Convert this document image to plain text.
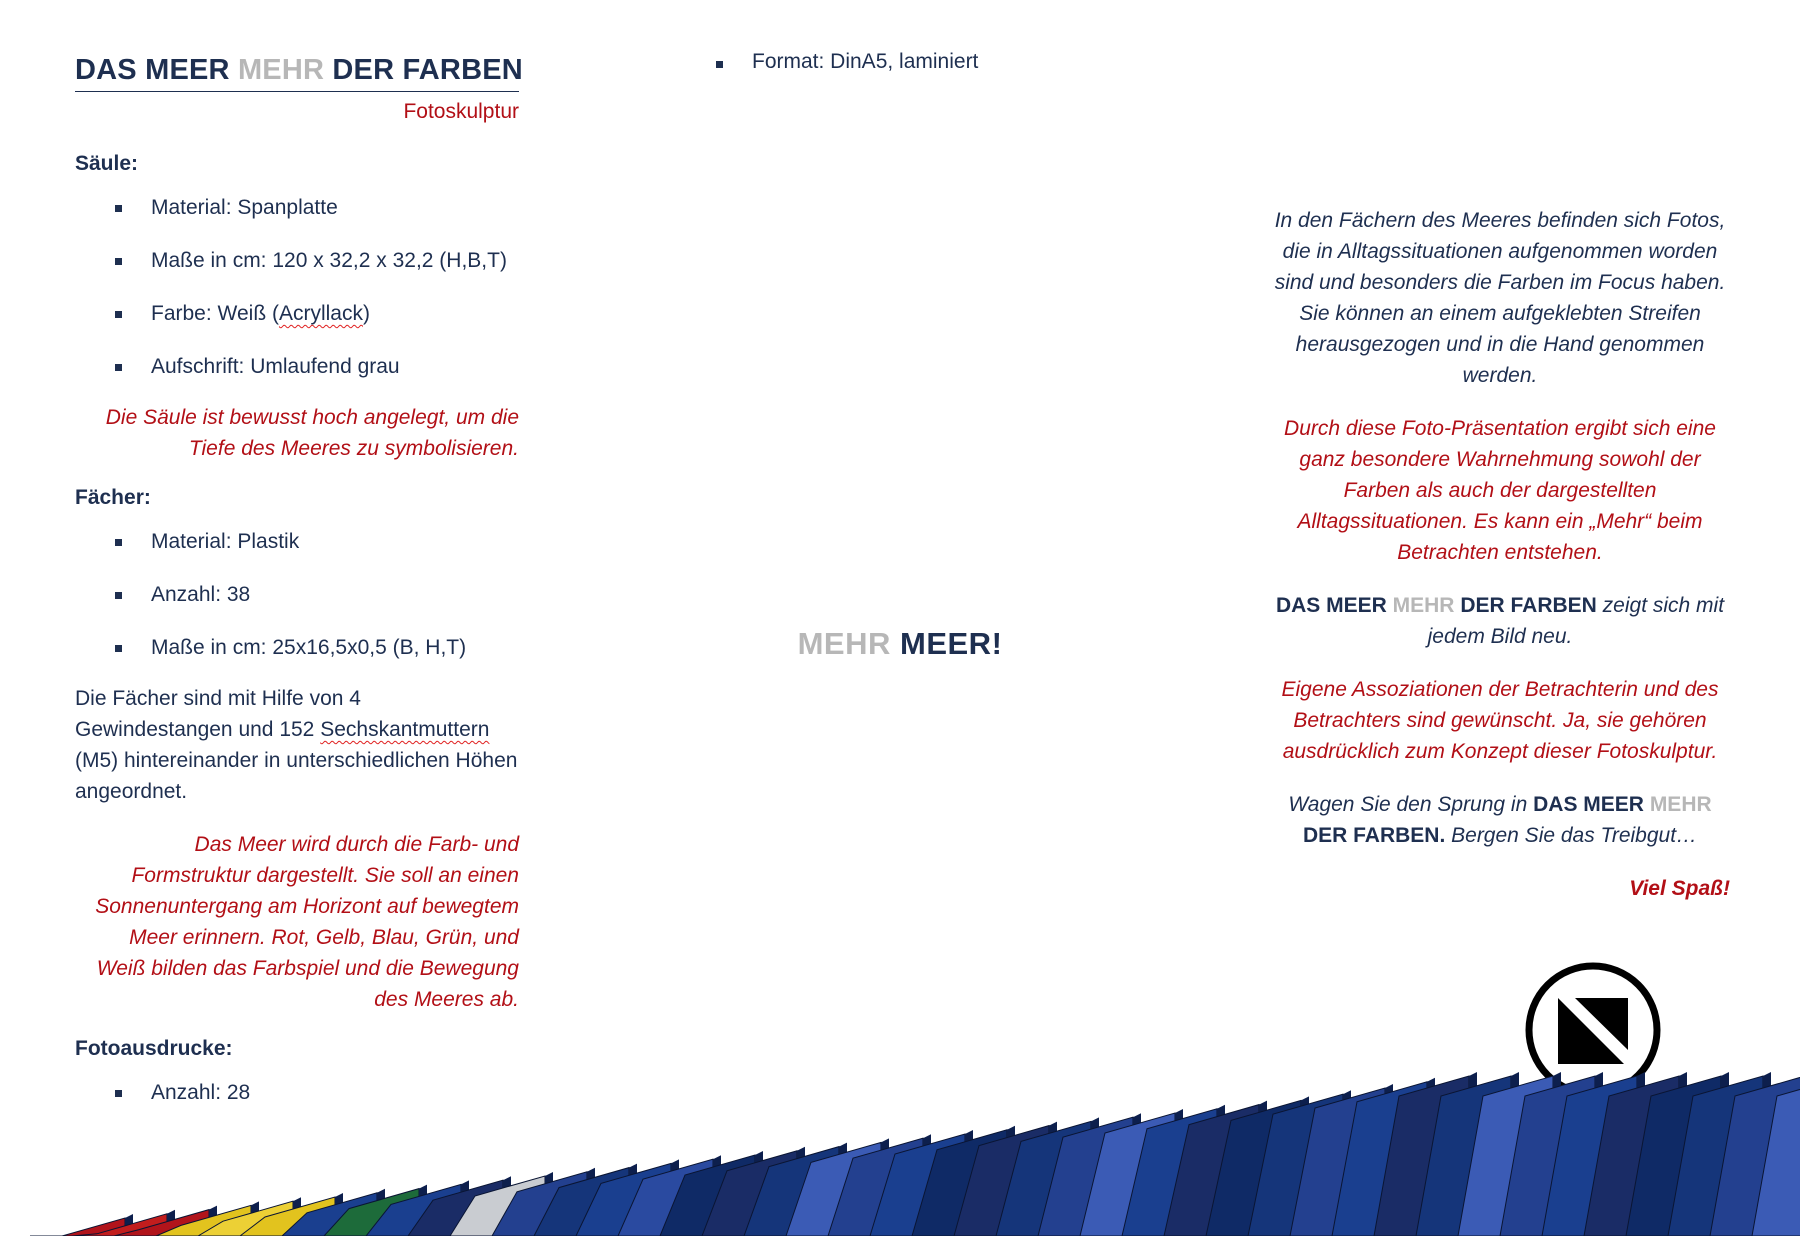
DAS MEER MEHR DER FARBEN
Fotoskulptur
Säule:
Material: Spanplatte
Maße in cm: 120 x 32,2 x 32,2 (H,B,T)
Farbe: Weiß (Acryllack)
Aufschrift: Umlaufend grau
Die Säule ist bewusst hoch angelegt, um die Tiefe des Meeres zu symbolisieren.
Fächer:
Material: Plastik
Anzahl: 38
Maße in cm: 25x16,5x0,5 (B, H,T)
Die Fächer sind mit Hilfe von 4 Gewindestangen und 152 Sechskantmuttern (M5) hintereinander in unterschiedlichen Höhen angeordnet.
Das Meer wird durch die Farb- und Formstruktur dargestellt. Sie soll an einen Sonnenuntergang am Horizont auf bewegtem Meer erinnern. Rot, Gelb, Blau, Grün, und Weiß bilden das Farbspiel und die Bewegung des Meeres ab.
Fotoausdrucke:
Anzahl: 28
Format: DinA5, laminiert
MEHR MEER!
In den Fächern des Meeres befinden sich Fotos, die in Alltagssituationen aufgenommen worden sind und besonders die Farben im Focus haben. Sie können an einem aufgeklebten Streifen herausgezogen und in die Hand genommen werden.
Durch diese Foto-Präsentation ergibt sich eine ganz besondere Wahrnehmung sowohl der Farben als auch der dargestellten Alltagssituationen. Es kann ein „Mehr“ beim Betrachten entstehen.
DAS MEER MEHR DER FARBEN zeigt sich mit jedem Bild neu.
Eigene Assoziationen der Betrachterin und des Betrachters sind gewünscht. Ja, sie gehören ausdrücklich zum Konzept dieser Fotoskulptur.
Wagen Sie den Sprung in DAS MEER MEHR DER FARBEN. Bergen Sie das Treibgut…
Viel Spaß!
